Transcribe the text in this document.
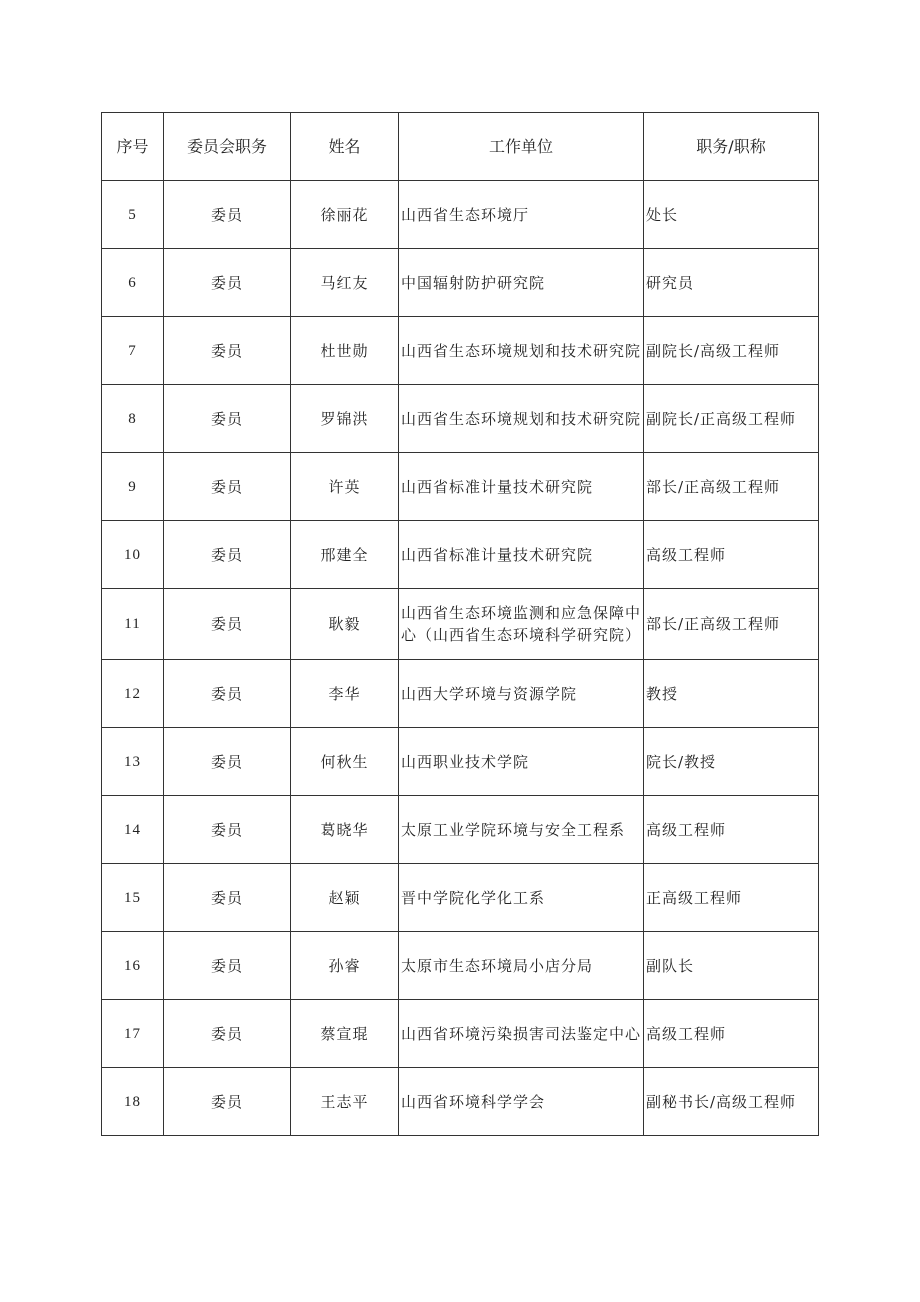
序号	委员会职务	姓名	工作单位	职务/职称
5	委员	徐丽花	山西省生态环境厅	处长
6	委员	马红友	中国辐射防护研究院	研究员
7	委员	杜世勋	山西省生态环境规划和技术研究院	副院长/高级工程师
8	委员	罗锦洪	山西省生态环境规划和技术研究院	副院长/正高级工程师
9	委员	许英	山西省标准计量技术研究院	部长/正高级工程师
10	委员	邢建全	山西省标准计量技术研究院	高级工程师
11	委员	耿毅	山西省生态环境监测和应急保障中心（山西省生态环境科学研究院）	部长/正高级工程师
12	委员	李华	山西大学环境与资源学院	教授
13	委员	何秋生	山西职业技术学院	院长/教授
14	委员	葛晓华	太原工业学院环境与安全工程系	高级工程师
15	委员	赵颖	晋中学院化学化工系	正高级工程师
16	委员	孙睿	太原市生态环境局小店分局	副队长
17	委员	蔡宣琨	山西省环境污染损害司法鉴定中心	高级工程师
18	委员	王志平	山西省环境科学学会	副秘书长/高级工程师
